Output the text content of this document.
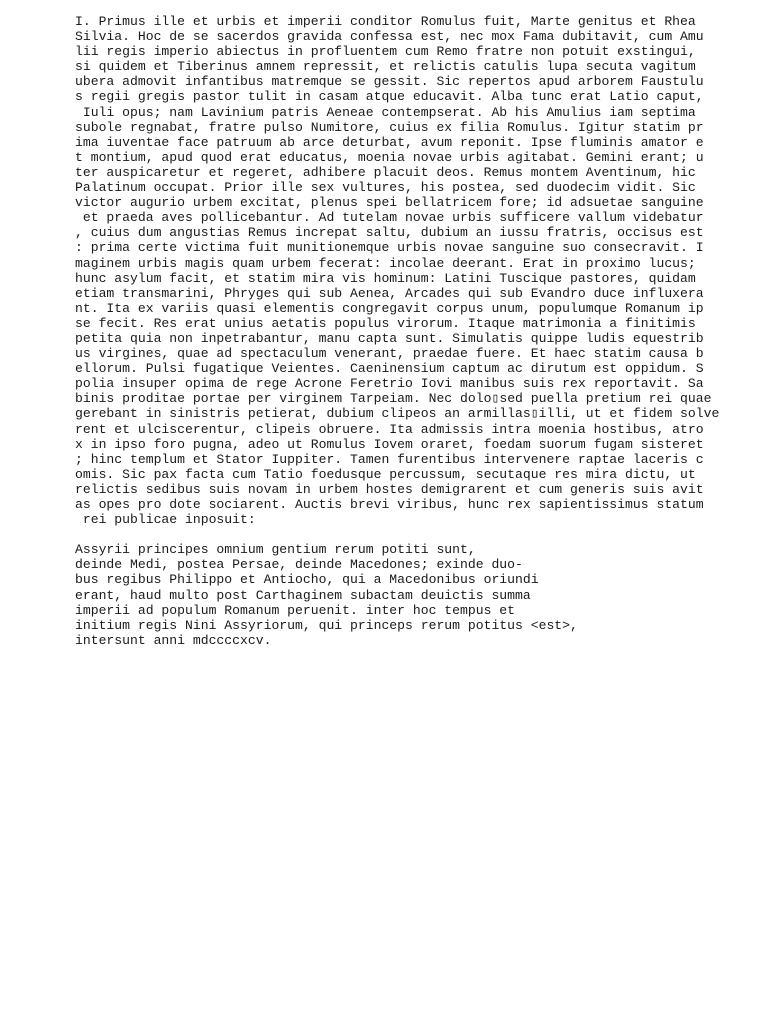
I. Primus ille et urbis et imperii conditor Romulus fuit, Marte genitus et Rhea
Silvia. Hoc de se sacerdos gravida confessa est, nec mox Fama dubitavit, cum Amu
lii regis imperio abiectus in profluentem cum Remo fratre non potuit exstingui,
si quidem et Tiberinus amnem repressit, et relictis catulis lupa secuta vagitum
ubera admovit infantibus matremque se gessit. Sic repertos apud arborem Faustulu
s regii gregis pastor tulit in casam atque educavit. Alba tunc erat Latio caput,
Iuli opus; nam Lavinium patris Aeneae contempserat. Ab his Amulius iam septima
subole regnabat, fratre pulso Numitore, cuius ex filia Romulus. Igitur statim pr
ima iuventae face patruum ab arce deturbat, avum reponit. Ipse fluminis amator e
t montium, apud quod erat educatus, moenia novae urbis agitabat. Gemini erant; u
ter auspicaretur et regeret, adhibere placuit deos. Remus montem Aventinum, hic
Palatinum occupat. Prior ille sex vultures, his postea, sed duodecim vidit. Sic
victor augurio urbem excitat, plenus spei bellatricem fore; id adsuetae sanguine
et praeda aves pollicebantur. Ad tutelam novae urbis sufficere vallum videbatur
, cuius dum angustias Remus increpat saltu, dubium an iussu fratris, occisus est
: prima certe victima fuit munitionemque urbis novae sanguine suo consecravit. I
maginem urbis magis quam urbem fecerat: incolae deerant. Erat in proximo lucus;
hunc asylum facit, et statim mira vis hominum: Latini Tuscique pastores, quidam
etiam transmarini, Phryges qui sub Aenea, Arcades qui sub Evandro duce influxera
nt. Ita ex variis quasi elementis congregavit corpus unum, populumque Romanum ip
se fecit. Res erat unius aetatis populus virorum. Itaque matrimonia a finitimis
petita quia non inpetrabantur, manu capta sunt. Simulatis quippe ludis equestrib
us virgines, quae ad spectaculum venerant, praedae fuere. Et haec statim causa b
ellorum. Pulsi fugatique Veientes. Caeninensium captum ac dirutum est oppidum. S
polia insuper opima de rege Acrone Feretrio Iovi manibus suis rex reportavit. Sa
binis proditae portae per virginem Tarpeiam. Nec dolo▯sed puella pretium rei quae
gerebant in sinistris petierat, dubium clipeos an armillas▯illi, ut et fidem solve
rent et ulciscerentur, clipeis obruere. Ita admissis intra moenia hostibus, atro
x in ipso foro pugna, adeo ut Romulus Iovem oraret, foedam suorum fugam sisteret
; hinc templum et Stator Iuppiter. Tamen furentibus intervenere raptae laceris c
omis. Sic pax facta cum Tatio foedusque percussum, secutaque res mira dictu, ut
relictis sedibus suis novam in urbem hostes demigrarent et cum generis suis avit
as opes pro dote sociarent. Auctis brevi viribus, hunc rex sapientissimus statum
rei publicae inposuit:
Assyrii principes omnium gentium rerum potiti sunt,
deinde Medi, postea Persae, deinde Macedones; exinde duo-
bus regibus Philippo et Antiocho, qui a Macedonibus oriundi
erant, haud multo post Carthaginem subactam deuictis summa
imperii ad populum Romanum peruenit. inter hoc tempus et
initium regis Nini Assyriorum, qui princeps rerum potitus <est>,
intersunt anni mdccccxcv.
